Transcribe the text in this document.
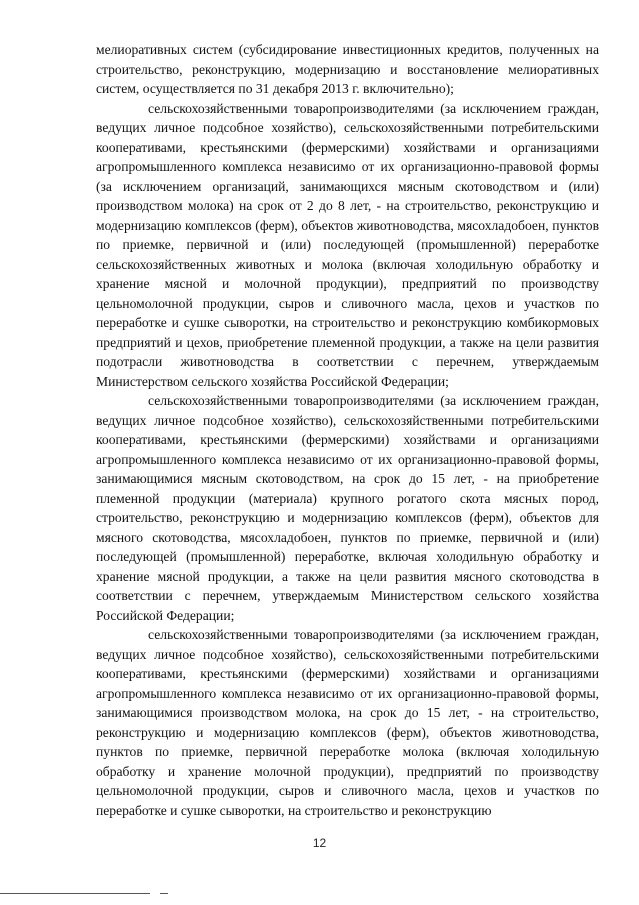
мелиоративных систем (субсидирование инвестиционных кредитов, полученных на строительство, реконструкцию, модернизацию и восстановление мелиоративных систем, осуществляется по 31 декабря 2013 г. включительно);

сельскохозяйственными товаропроизводителями (за исключением граждан, ведущих личное подсобное хозяйство), сельскохозяйственными потребительскими кооперативами, крестьянскими (фермерскими) хозяйствами и организациями агропромышленного комплекса независимо от их организационно-правовой формы (за исключением организаций, занимающихся мясным скотоводством и (или) производством молока) на срок от 2 до 8 лет, - на строительство, реконструкцию и модернизацию комплексов (ферм), объектов животноводства, мясохладобоен, пунктов по приемке, первичной и (или) последующей (промышленной) переработке сельскохозяйственных животных и молока (включая холодильную обработку и хранение мясной и молочной продукции), предприятий по производству цельномолочной продукции, сыров и сливочного масла, цехов и участков по переработке и сушке сыворотки, на строительство и реконструкцию комбикормовых предприятий и цехов, приобретение племенной продукции, а также на цели развития подотрасли животноводства в соответствии с перечнем, утверждаемым Министерством сельского хозяйства Российской Федерации;

сельскохозяйственными товаропроизводителями (за исключением граждан, ведущих личное подсобное хозяйство), сельскохозяйственными потребительскими кооперативами, крестьянскими (фермерскими) хозяйствами и организациями агропромышленного комплекса независимо от их организационно-правовой формы, занимающимися мясным скотоводством, на срок до 15 лет, - на приобретение племенной продукции (материала) крупного рогатого скота мясных пород, строительство, реконструкцию и модернизацию комплексов (ферм), объектов для мясного скотоводства, мясохладобоен, пунктов по приемке, первичной и (или) последующей (промышленной) переработке, включая холодильную обработку и хранение мясной продукции, а также на цели развития мясного скотоводства в соответствии с перечнем, утверждаемым Министерством сельского хозяйства Российской Федерации;

сельскохозяйственными товаропроизводителями (за исключением граждан, ведущих личное подсобное хозяйство), сельскохозяйственными потребительскими кооперативами, крестьянскими (фермерскими) хозяйствами и организациями агропромышленного комплекса независимо от их организационно-правовой формы, занимающимися производством молока, на срок до 15 лет, - на строительство, реконструкцию и модернизацию комплексов (ферм), объектов животноводства, пунктов по приемке, первичной переработке молока (включая холодильную обработку и хранение молочной продукции), предприятий по производству цельномолочной продукции, сыров и сливочного масла, цехов и участков по переработке и сушке сыворотки, на строительство и реконструкцию

12
